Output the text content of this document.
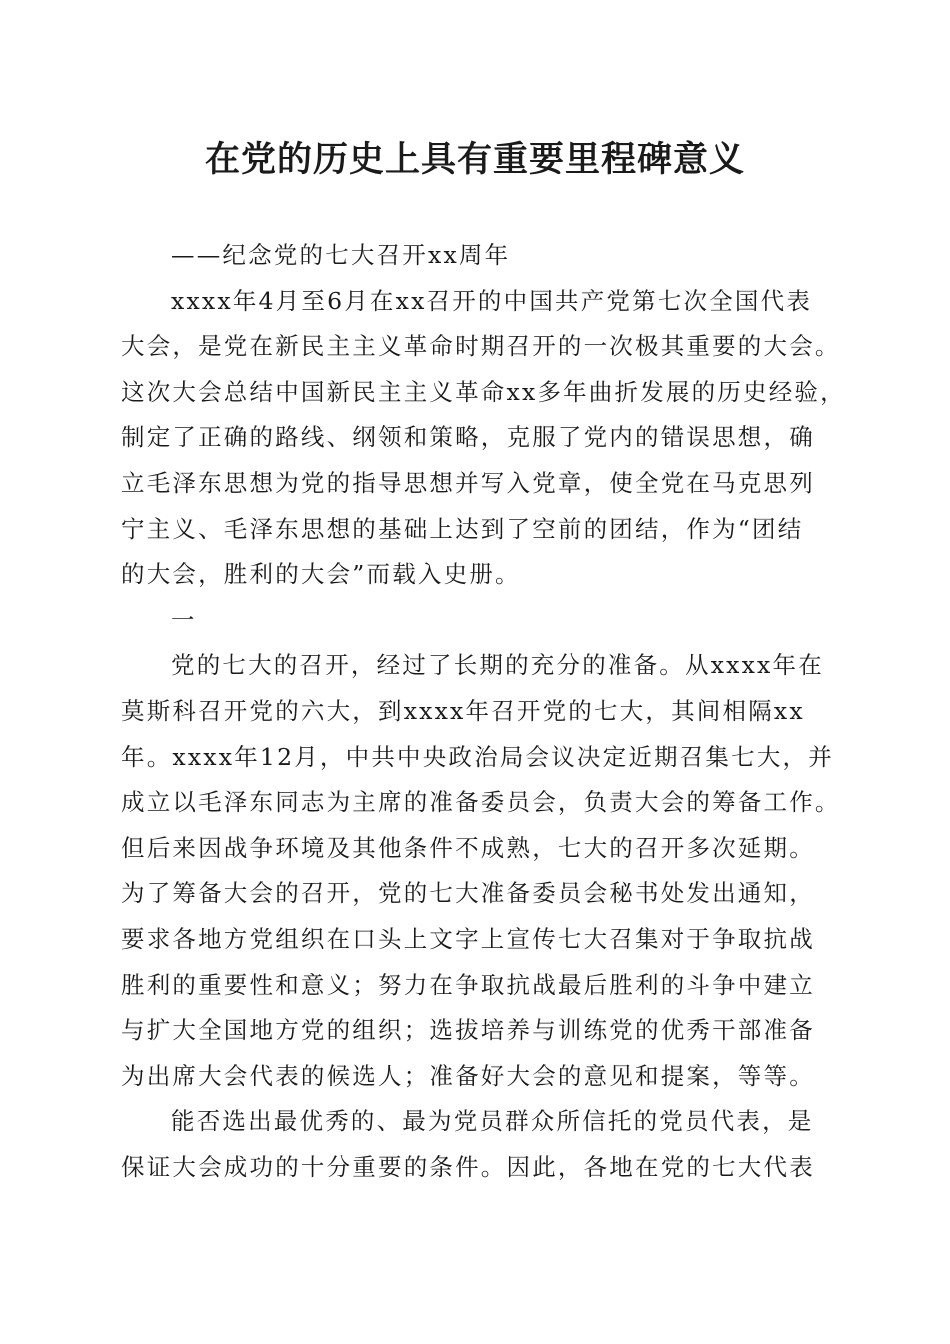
在党的历史上具有重要里程碑意义
——纪念党的七大召开xx周年
xxxx年4月至6月在xx召开的中国共产党第七次全国代表
大会，是党在新民主主义革命时期召开的一次极其重要的大会。
这次大会总结中国新民主主义革命xx多年曲折发展的历史经验，
制定了正确的路线、纲领和策略，克服了党内的错误思想，确
立毛泽东思想为党的指导思想并写入党章，使全党在马克思列
宁主义、毛泽东思想的基础上达到了空前的团结，作为“团结
的大会，胜利的大会”而载入史册。
一
党的七大的召开，经过了长期的充分的准备。从xxxx年在
莫斯科召开党的六大，到xxxx年召开党的七大，其间相隔xx
年。xxxx年12月，中共中央政治局会议决定近期召集七大，并
成立以毛泽东同志为主席的准备委员会，负责大会的筹备工作。
但后来因战争环境及其他条件不成熟，七大的召开多次延期。
为了筹备大会的召开，党的七大准备委员会秘书处发出通知，
要求各地方党组织在口头上文字上宣传七大召集对于争取抗战
胜利的重要性和意义；努力在争取抗战最后胜利的斗争中建立
与扩大全国地方党的组织；选拔培养与训练党的优秀干部准备
为出席大会代表的候选人；准备好大会的意见和提案，等等。
能否选出最优秀的、最为党员群众所信托的党员代表，是
保证大会成功的十分重要的条件。因此，各地在党的七大代表
